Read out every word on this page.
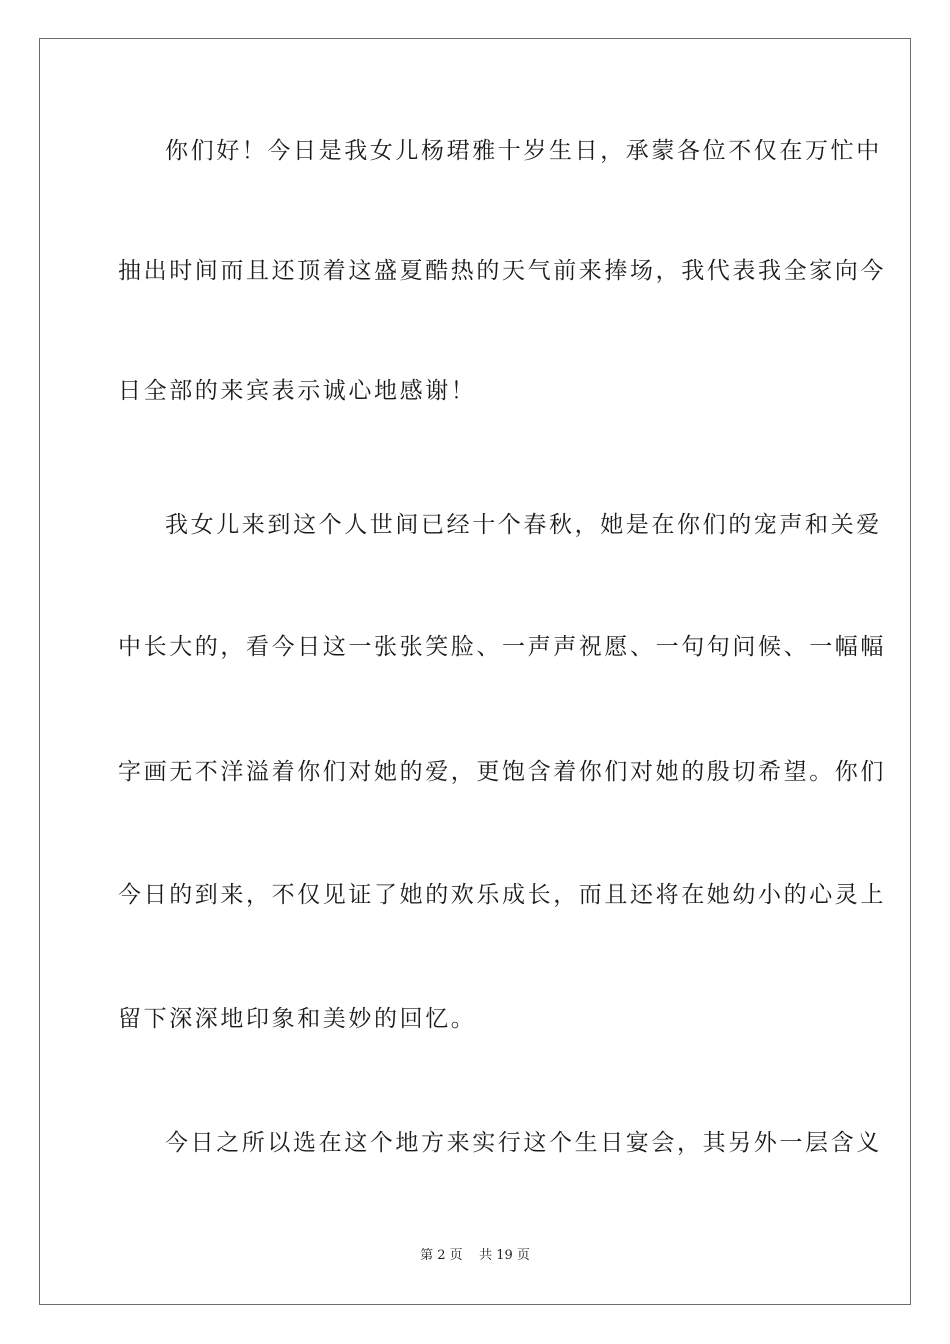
你们好！今日是我女儿杨珺雅十岁生日，承蒙各位不仅在万忙中
抽出时间而且还顶着这盛夏酷热的天气前来捧场，我代表我全家向今
日全部的来宾表示诚心地感谢！
我女儿来到这个人世间已经十个春秋，她是在你们的宠声和关爱
中长大的，看今日这一张张笑脸、一声声祝愿、一句句问候、一幅幅
字画无不洋溢着你们对她的爱，更饱含着你们对她的殷切希望。你们
今日的到来，不仅见证了她的欢乐成长，而且还将在她幼小的心灵上
留下深深地印象和美妙的回忆。
今日之所以选在这个地方来实行这个生日宴会，其另外一层含义
第 2 页    共 19 页
